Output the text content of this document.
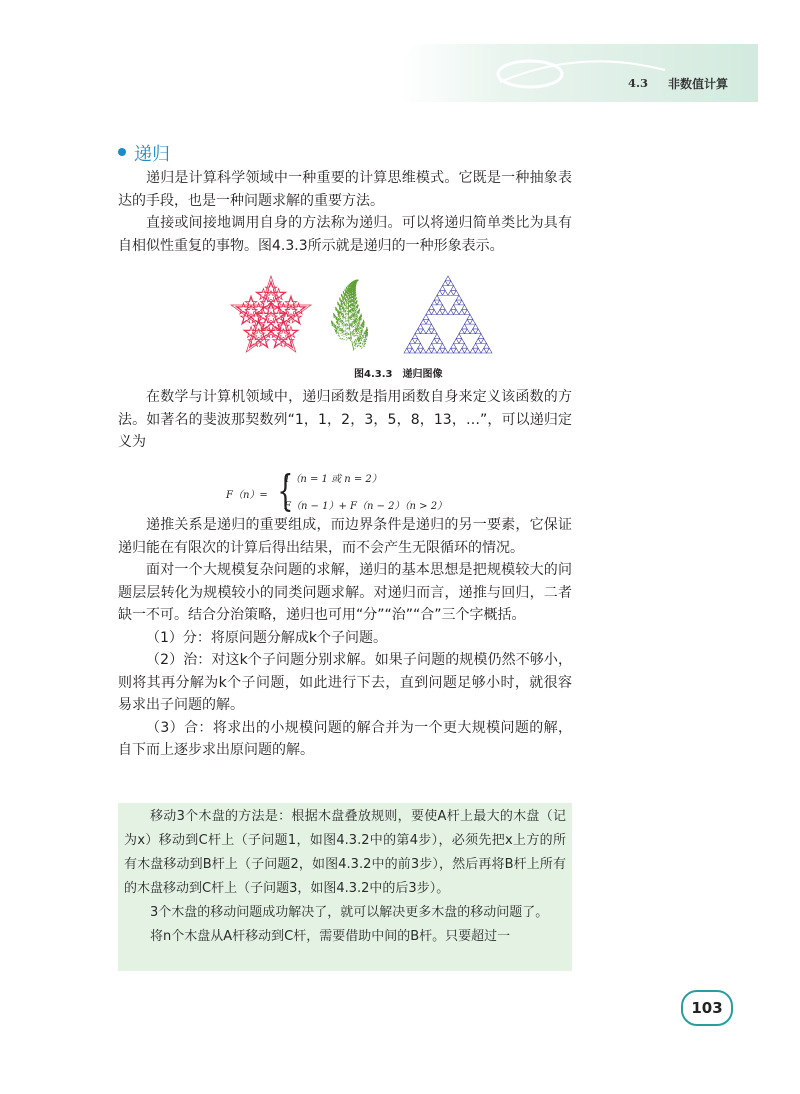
4.3 非数值计算
递归

递归是计算科学领域中一种重要的计算思维模式。它既是一种抽象表达的手段，也是一种问题求解的重要方法。

直接或间接地调用自身的方法称为递归。可以将递归简单类比为具有自相似性重复的事物。图4.3.3所示就是递归的一种形象表示。

图4.3.3　递归图像

在数学与计算机领域中，递归函数是指用函数自身来定义该函数的方法。如著名的斐波那契数列“1，1，2，3，5，8，13，…”，可以递归定义为

F（n）= {
1（n = 1 或 n = 2）
F（n − 1）+ F（n − 2）（n > 2）

递推关系是递归的重要组成，而边界条件是递归的另一要素，它保证递归能在有限次的计算后得出结果，而不会产生无限循环的情况。

面对一个大规模复杂问题的求解，递归的基本思想是把规模较大的问题层层转化为规模较小的同类问题求解。对递归而言，递推与回归，二者缺一不可。结合分治策略，递归也可用“分”“治”“合”三个字概括。

（1）分：将原问题分解成k个子问题。

（2）治：对这k个子问题分别求解。如果子问题的规模仍然不够小，则将其再分解为k个子问题，如此进行下去，直到问题足够小时，就很容易求出子问题的解。

（3）合：将求出的小规模问题的解合并为一个更大规模问题的解，自下而上逐步求出原问题的解。

移动3个木盘的方法是：根据木盘叠放规则，要使A杆上最大的木盘（记为x）移动到C杆上（子问题1，如图4.3.2中的第4步），必须先把x上方的所有木盘移动到B杆上（子问题2，如图4.3.2中的前3步），然后再将B杆上所有的木盘移动到C杆上（子问题3，如图4.3.2中的后3步）。

3个木盘的移动问题成功解决了，就可以解决更多木盘的移动问题了。

将n个木盘从A杆移动到C杆，需要借助中间的B杆。只要超过一

103
